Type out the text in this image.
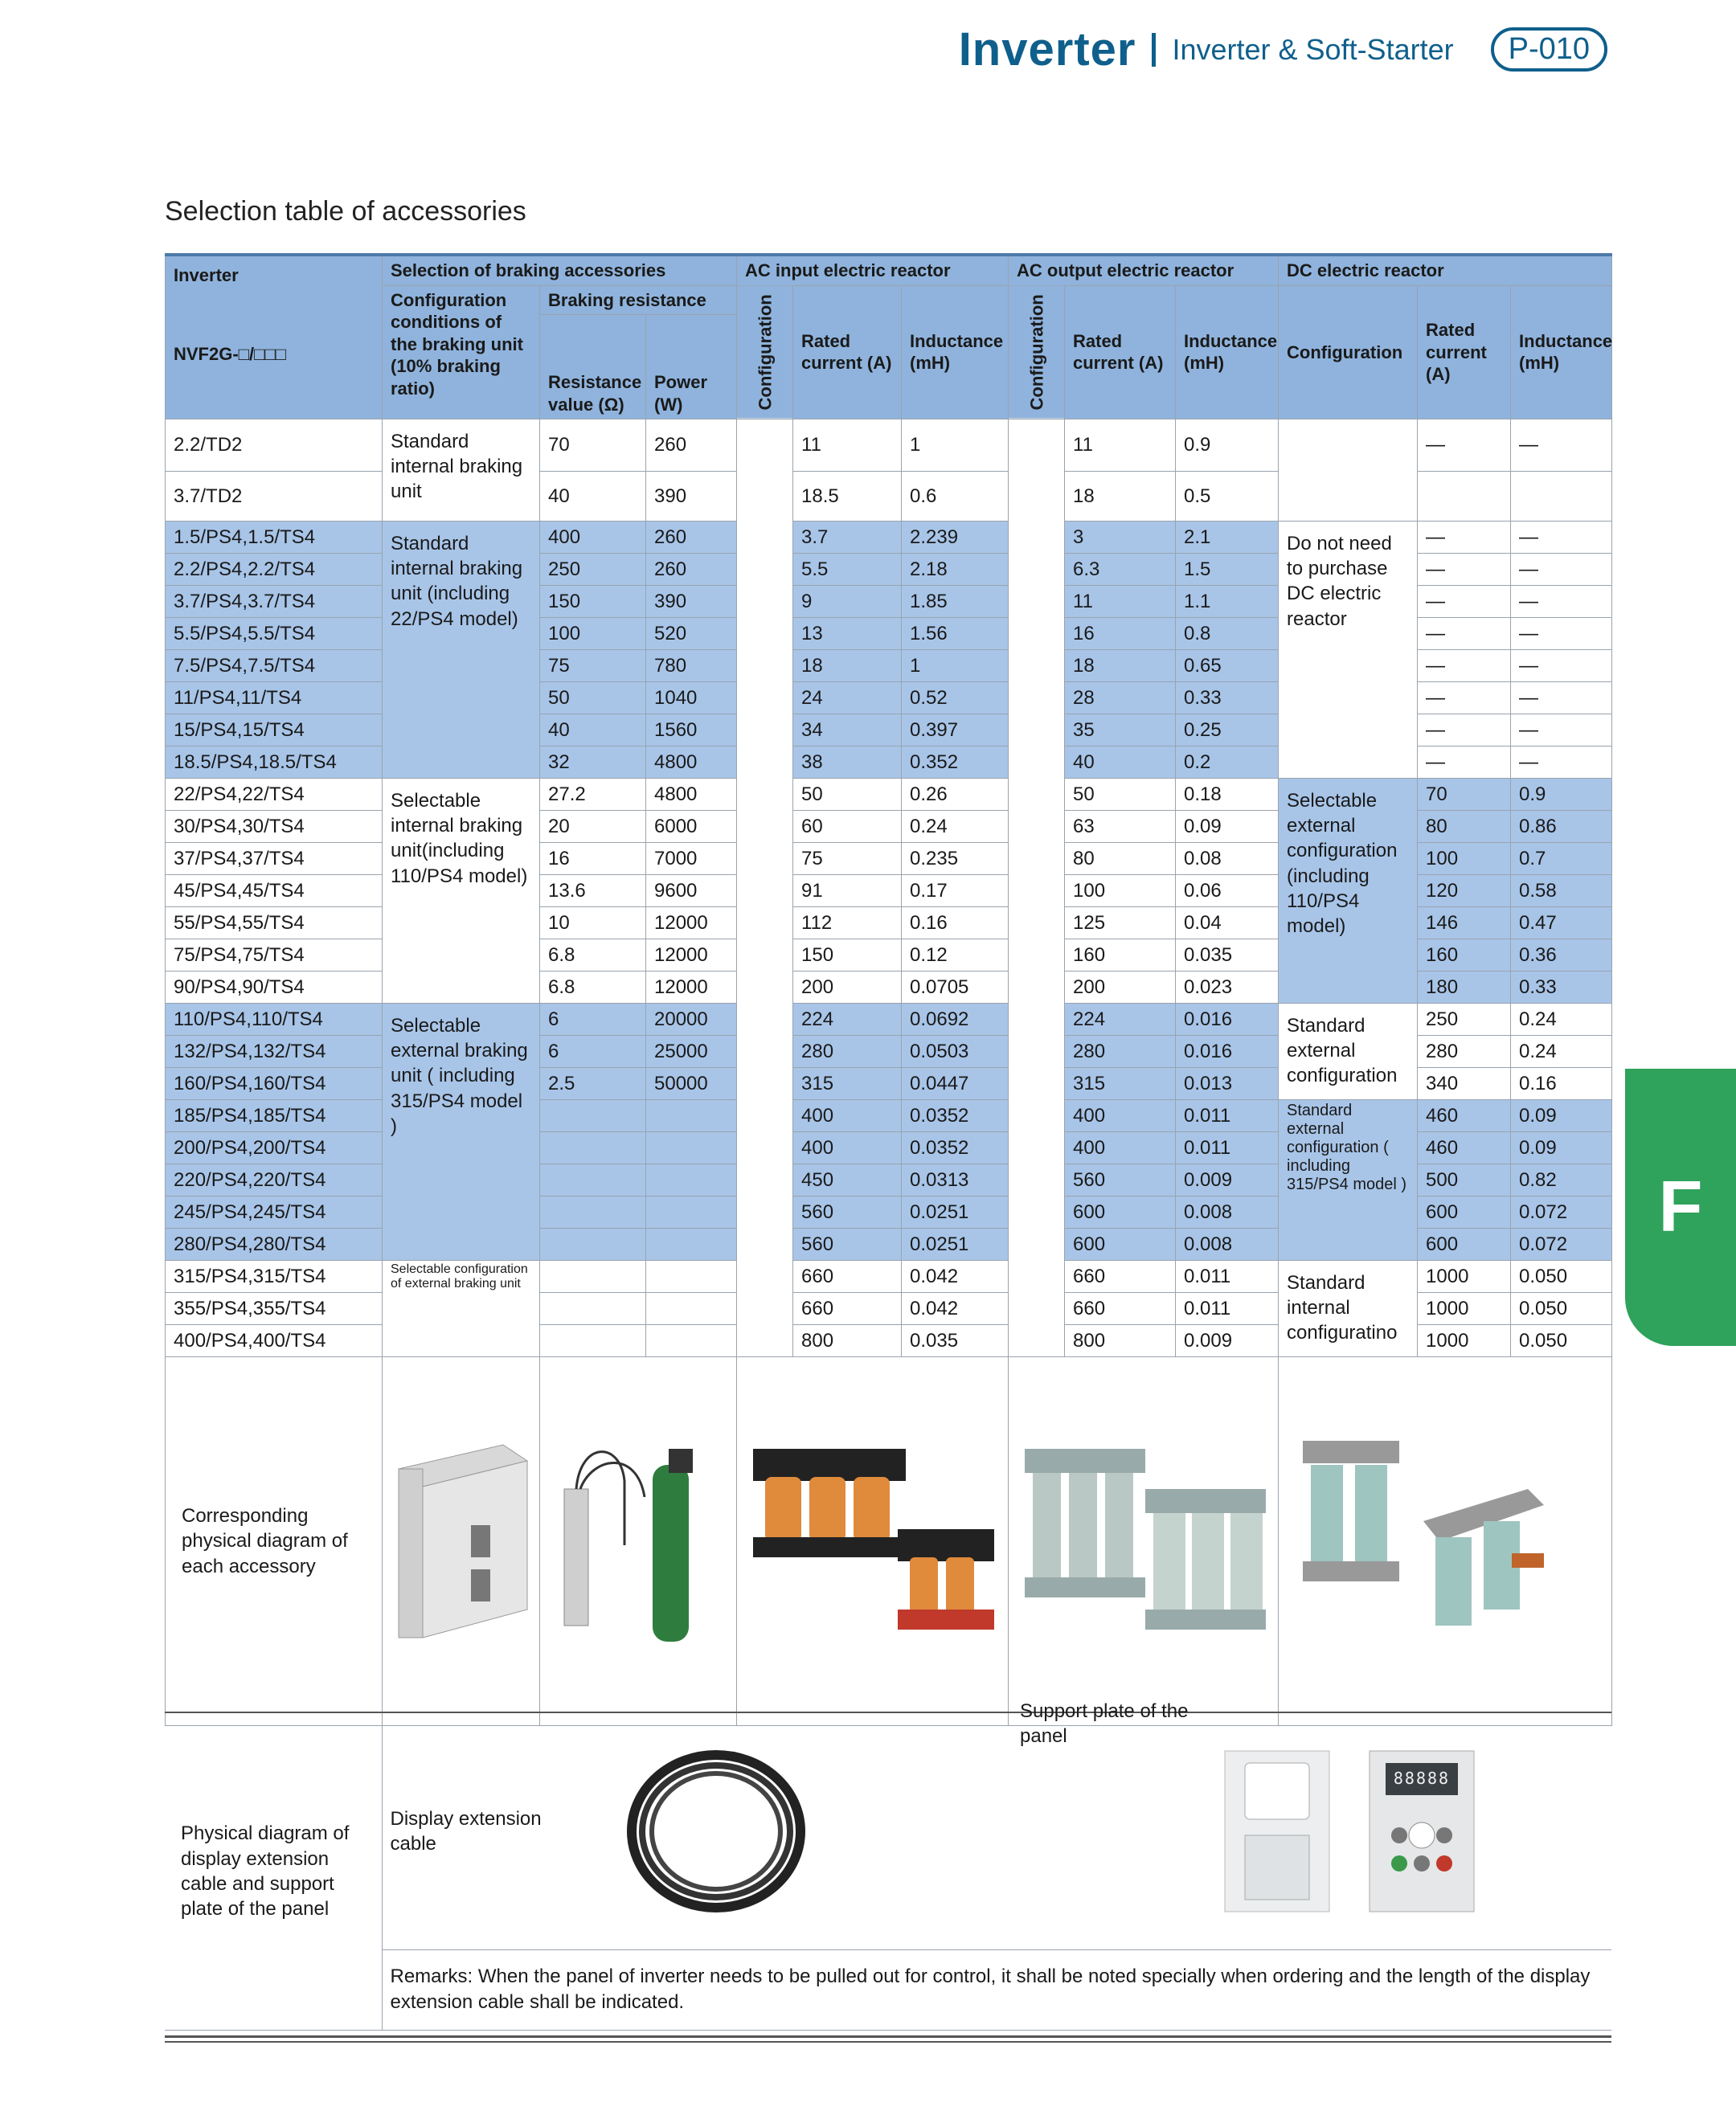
Inverter Inverter & Soft-Starter	P-010
Selection table of accessories
F
Inverter
NVF2G-□/□□□	Selection of braking accessories			AC input electric reactor			AC output electric reactor			DC electric reactor		
	Configuration conditions of the braking unit (10% braking ratio)	Braking resistance		Configuration	Rated current (A)	Inductance (mH)	Configuration	Rated current (A)	Inductance (mH)	Configuration	Rated current (A)	Inductance (mH)
		Resistance value (Ω)	Power (W)									
2.2/TD2	Standard internal braking unit	70	260		11	1		11	0.9		—	—
3.7/TD2		40	390		18.5	0.6		18	0.5			
1.5/PS4,1.5/TS4	Standard internal braking unit (including 22/PS4 model)	400	260		3.7	2.239		3	2.1	Do not need to purchase DC electric reactor	—	—
2.2/PS4,2.2/TS4		250	260		5.5	2.18		6.3	1.5		—	—
3.7/PS4,3.7/TS4		150	390		9	1.85		11	1.1		—	—
5.5/PS4,5.5/TS4		100	520		13	1.56		16	0.8		—	—
7.5/PS4,7.5/TS4		75	780		18	1		18	0.65		—	—
11/PS4,11/TS4		50	1040		24	0.52		28	0.33		—	—
15/PS4,15/TS4		40	1560		34	0.397		35	0.25		—	—
18.5/PS4,18.5/TS4		32	4800		38	0.352		40	0.2		—	—
22/PS4,22/TS4	Selectable internal braking unit(including 110/PS4 model)	27.2	4800		50	0.26		50	0.18	Selectable external configuration (including 110/PS4 model)	70	0.9
30/PS4,30/TS4		20	6000		60	0.24		63	0.09		80	0.86
37/PS4,37/TS4		16	7000		75	0.235		80	0.08		100	0.7
45/PS4,45/TS4		13.6	9600		91	0.17		100	0.06		120	0.58
55/PS4,55/TS4		10	12000		112	0.16		125	0.04		146	0.47
75/PS4,75/TS4		6.8	12000		150	0.12		160	0.035		160	0.36
90/PS4,90/TS4		6.8	12000		200	0.0705		200	0.023		180	0.33
110/PS4,110/TS4	Selectable external braking unit ( including 315/PS4 model )	6	20000		224	0.0692		224	0.016	Standard external configuration	250	0.24
132/PS4,132/TS4		6	25000		280	0.0503		280	0.016		280	0.24
160/PS4,160/TS4		2.5	50000		315	0.0447		315	0.013		340	0.16
185/PS4,185/TS4					400	0.0352		400	0.011	Standard external configuration ( including 315/PS4 model )	460	0.09
200/PS4,200/TS4					400	0.0352		400	0.011		460	0.09
220/PS4,220/TS4					450	0.0313		560	0.009		500	0.82
245/PS4,245/TS4					560	0.0251		600	0.008		600	0.072
280/PS4,280/TS4					560	0.0251		600	0.008		600	0.072
315/PS4,315/TS4	Selectable configuration of external braking unit				660	0.042		660	0.011	Standard internal configuratino	1000	0.050
355/PS4,355/TS4					660	0.042		660	0.011		1000	0.050
400/PS4,400/TS4					800	0.035		800	0.009		1000	0.050
Corresponding physical diagram of each accessory	

Physical diagram of display extension cable and support plate of the panel	
Display extension cable

Support plate of the panel
88888

Remarks: When the panel of inverter needs to be pulled out for control, it shall be noted specially when ordering and the length of the display extension cable shall be indicated.
